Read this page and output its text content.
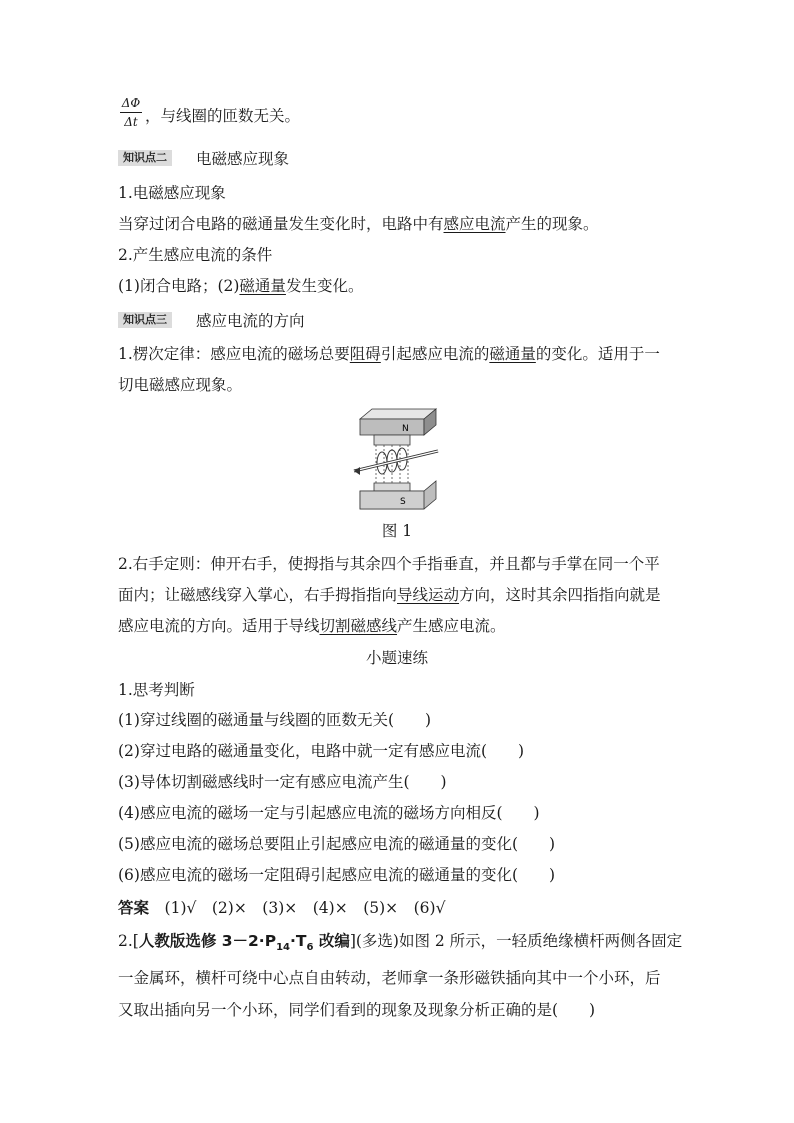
ΔΦ
Δt ，与线圈的匝数无关。
知识点二	电磁感应现象
1.电磁感应现象
当穿过闭合电路的磁通量发生变化时，电路中有感应电流产生的现象。
2.产生感应电流的条件
(1)闭合电路；(2)磁通量发生变化。
知识点三	感应电流的方向
1.楞次定律：感应电流的磁场总要阻碍引起感应电流的磁通量的变化。适用于一
切电磁感应现象。
N
S
图 1
2.右手定则：伸开右手，使拇指与其余四个手指垂直，并且都与手掌在同一个平
面内；让磁感线穿入掌心，右手拇指指向导线运动方向，这时其余四指指向就是
感应电流的方向。适用于导线切割磁感线产生感应电流。
小题速练
1.思考判断
(1)穿过线圈的磁通量与线圈的匝数无关(　　)
(2)穿过电路的磁通量变化，电路中就一定有感应电流(　　)
(3)导体切割磁感线时一定有感应电流产生(　　)
(4)感应电流的磁场一定与引起感应电流的磁场方向相反(　　)
(5)感应电流的磁场总要阻止引起感应电流的磁通量的变化(　　)
(6)感应电流的磁场一定阻碍引起感应电流的磁通量的变化(　　)
答案　 (1)√　(2)×　(3)×　(4)×　(5)×　(6)√
2.[人教版选修 $3-2\cdot P_{14}\cdot T_6$ 改编](多选)如图 2 所示，一轻质绝缘横杆两侧各固定
一金属环，横杆可绕中心点自由转动，老师拿一条形磁铁插向其中一个小环，后
又取出插向另一个小环，同学们看到的现象及现象分析正确的是(　　)
